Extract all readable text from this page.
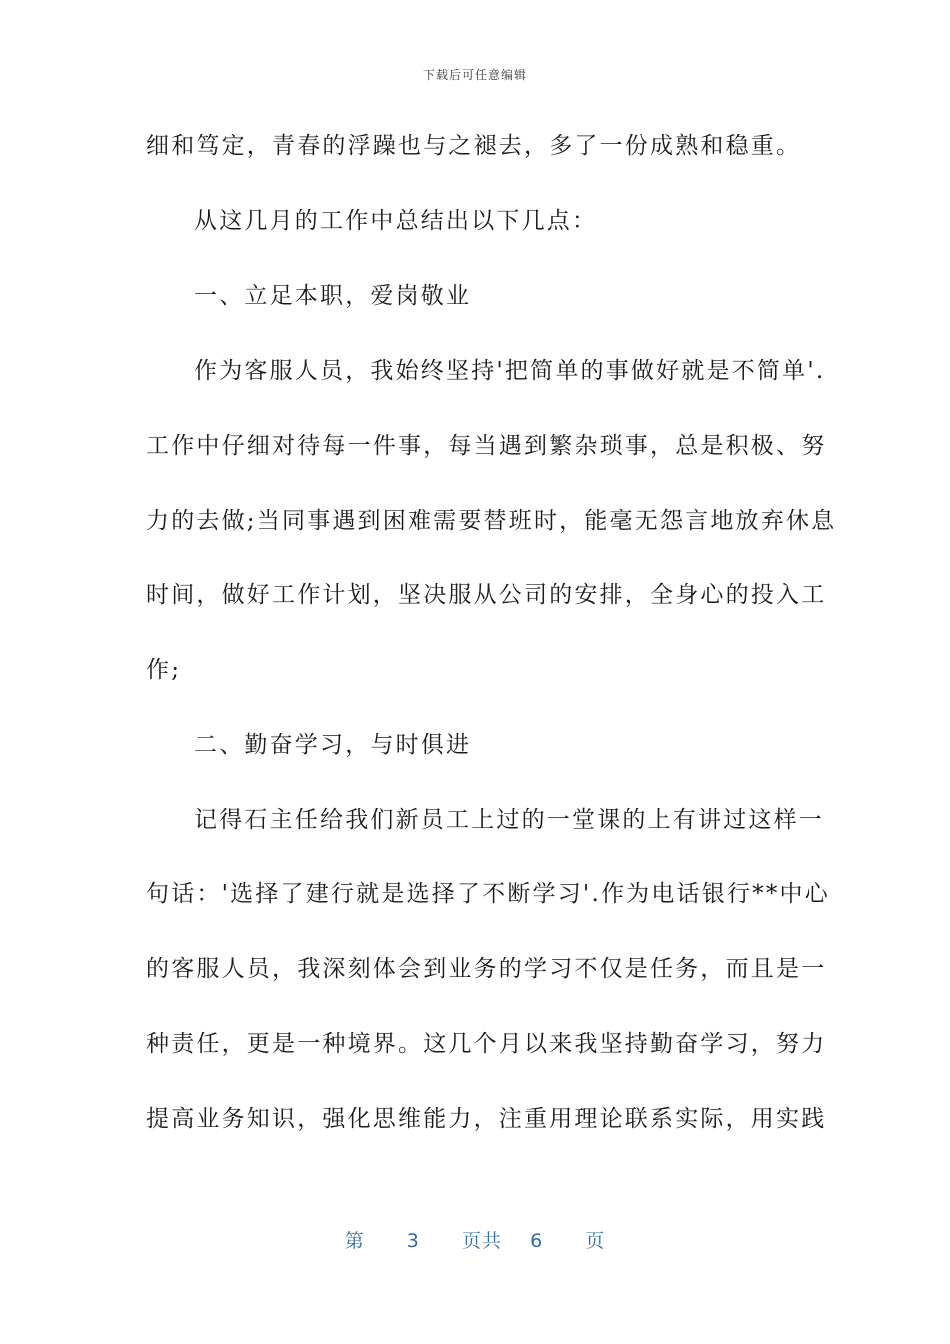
下载后可任意编辑
细和笃定，青春的浮躁也与之褪去，多了一份成熟和稳重。
从这几月的工作中总结出以下几点：
一、立足本职，爱岗敬业
作为客服人员，我始终坚持'把简单的事做好就是不简单'.
工作中仔细对待每一件事，每当遇到繁杂琐事，总是积极、努
力的去做;当同事遇到困难需要替班时，能毫无怨言地放弃休息
时间，做好工作计划，坚决服从公司的安排，全身心的投入工
作;
二、勤奋学习，与时俱进
记得石主任给我们新员工上过的一堂课的上有讲过这样一
句话：'选择了建行就是选择了不断学习'.作为电话银行**中心
的客服人员，我深刻体会到业务的学习不仅是任务，而且是一
种责任，更是一种境界。这几个月以来我坚持勤奋学习，努力
提高业务知识，强化思维能力，注重用理论联系实际，用实践
第 3 页共 6 页
